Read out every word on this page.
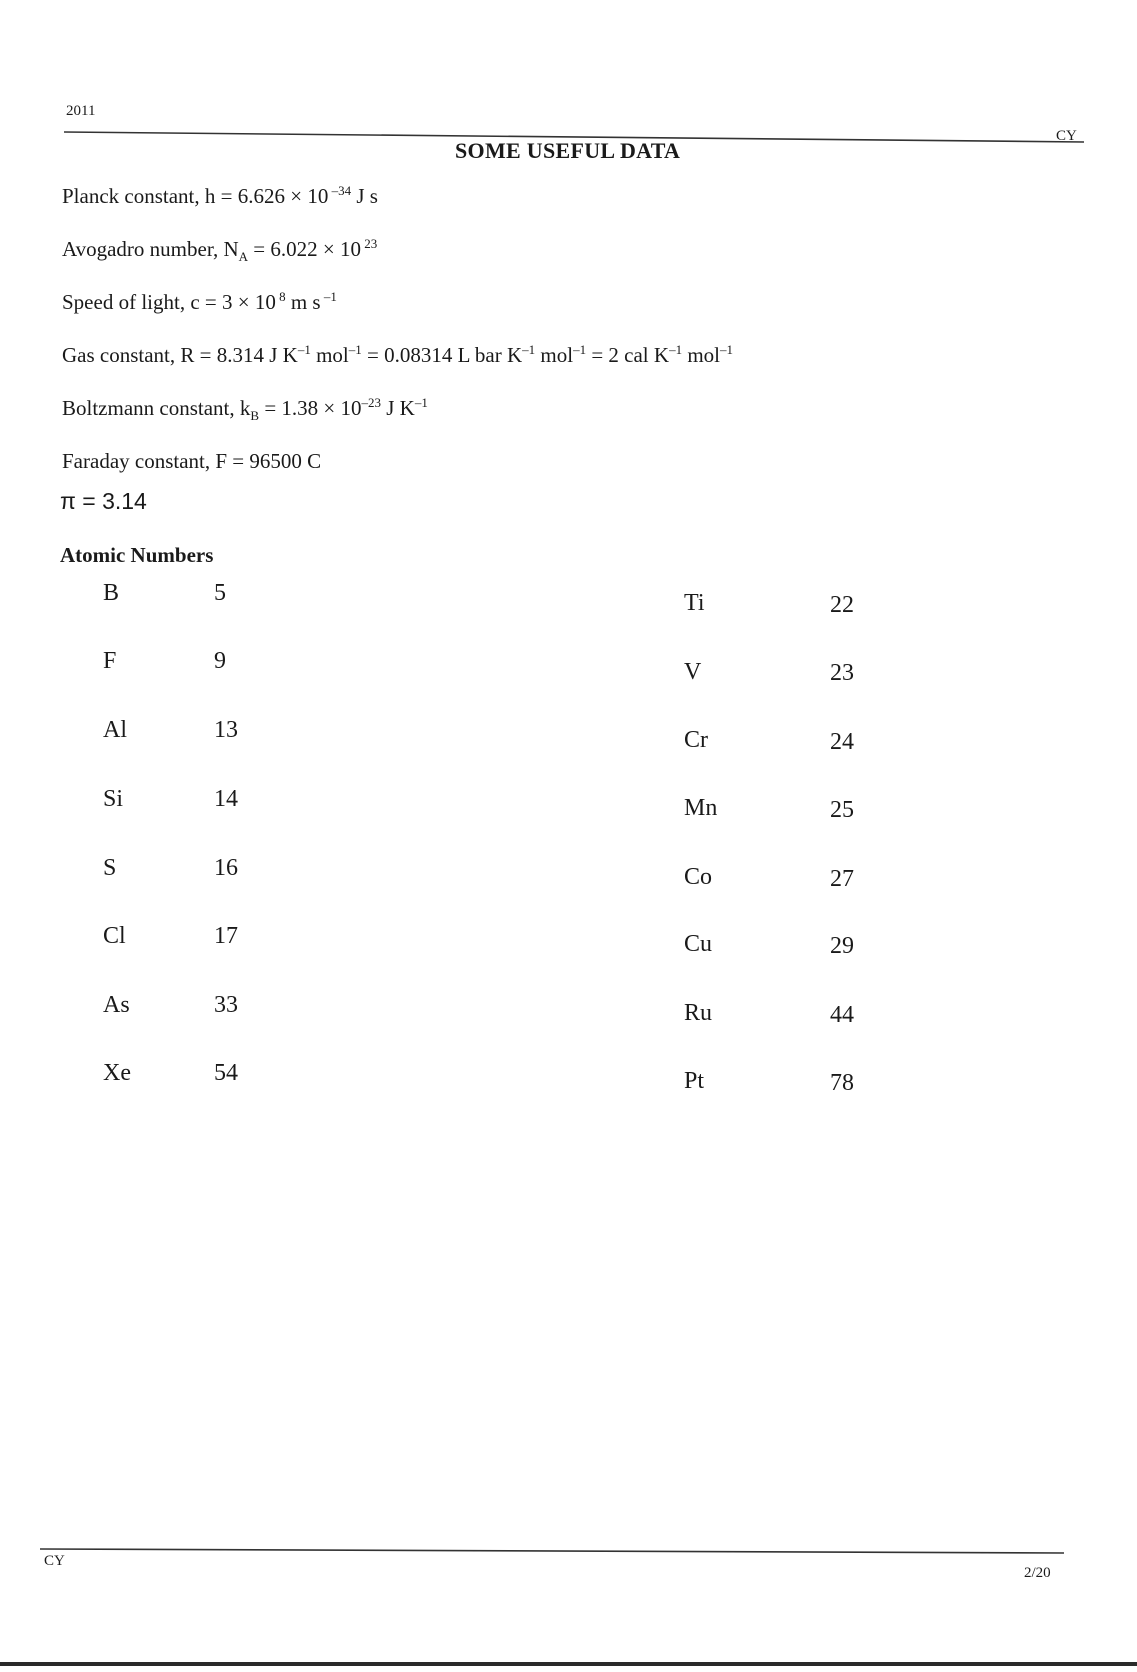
2011
CY
SOME USEFUL DATA
Planck constant, h = 6.626 × 10 $^{-34}$ J s
Avogadro number, $N_A = 6.022 \times 10$ $^{23}$
Speed of light, c = 3 × 10 $^8$ m s $^{-1}$
Gas constant, R = 8.314 J $K^{-1}$ mol$^{-1}$ = 0.08314 L bar $K^{-1}$ mol$^{-1}$ = 2 cal $K^{-1}$ mol$^{-1}$
Boltzmann constant, $k_B = 1.38 \times 10^{-23}$ J $K^{-1}$
Faraday constant, F = 96500 C
π = 3.14
Atomic Numbers
B	5
F	9
Al	13
Si	14
S	16
Cl	17
As	33
Xe	54
Ti	22
V	23
Cr	24
Mn	25
Co	27
Cu	29
Ru	44
Pt	78
CY
2/20
